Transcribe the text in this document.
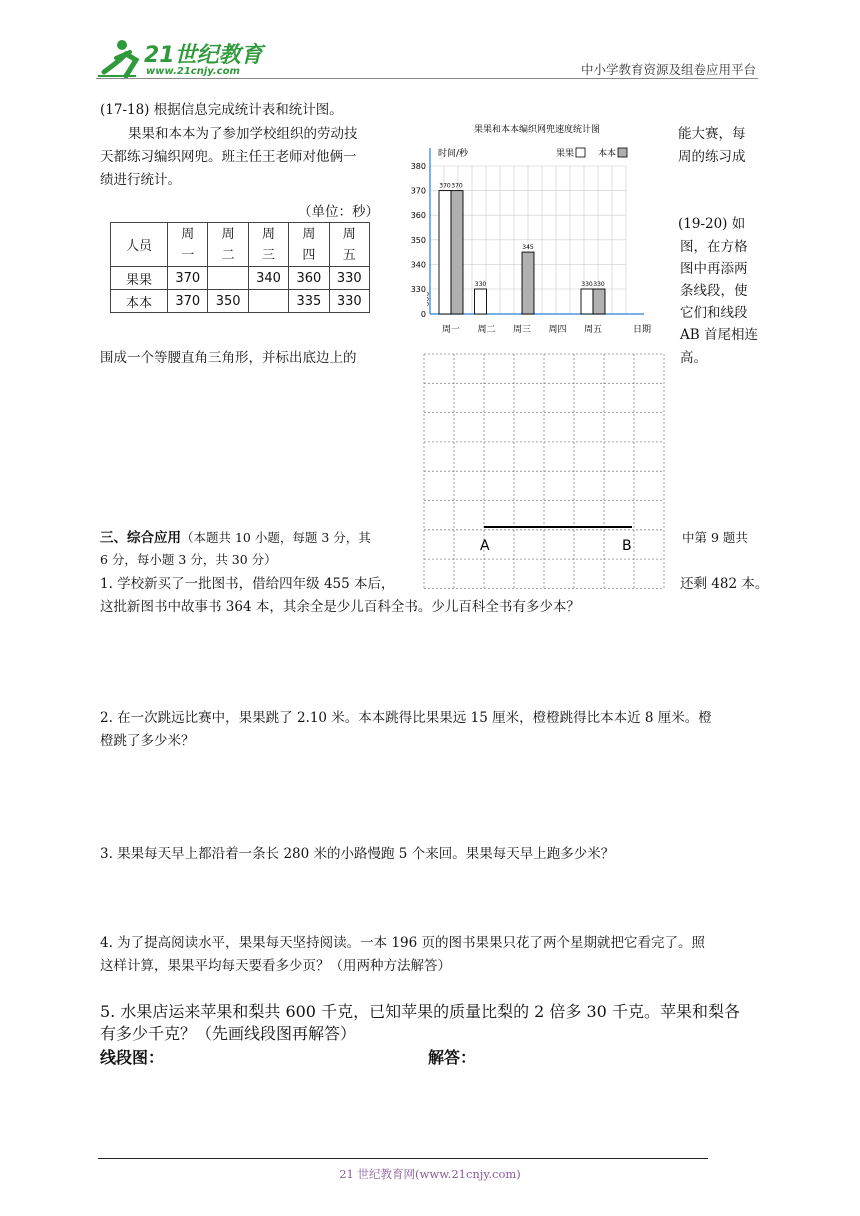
21世纪教育
www.21cnjy.com	中小学教育资源及组卷应用平台
(17-18) 根据信息完成统计表和统计图。
果果和本本为了参加学校组织的劳动技
天都练习编织网兜。班主任王老师对他俩一
绩进行统计。
能大赛，每
周的练习成
（单位：秒）
人员	周一	周二	周三	周四	周五
果果	370		340	360	330
本本	370	350		335	330
0
330
340
350
360
370
380
果果和本本编织网兜速度统计图
时间/秒
日期
果果	本本
周一
370 370
周二
330
周三
345
周四 周五
330 330
(19-20) 如
图，在方格
图中再添两
条线段，使
它们和线段
AB 首尾相连
高。
围成一个等腰直角三角形，并标出底边上的
A	B
三、综合应用（本题共 10 小题，每题 3 分，其	中第 9 题共
6 分，每小题 3 分，共 30 分）
1. 学校新买了一批图书，借给四年级 455 本后，	还剩 482 本。
这批新图书中故事书 364 本，其余全是少儿百科全书。少儿百科全书有多少本？
2. 在一次跳远比赛中，果果跳了 2.10 米。本本跳得比果果远 15 厘米，橙橙跳得比本本近 8 厘米。橙
橙跳了多少米？
3. 果果每天早上都沿着一条长 280 米的小路慢跑 5 个来回。果果每天早上跑多少米？
4. 为了提高阅读水平，果果每天坚持阅读。一本 196 页的图书果果只花了两个星期就把它看完了。照
这样计算，果果平均每天要看多少页？（用两种方法解答）
5. 水果店运来苹果和梨共 600 千克，已知苹果的质量比梨的 2 倍多 30 千克。苹果和梨各
有多少千克？（先画线段图再解答）
线段图：	解答：
21 世纪教育网(www.21cnjy.com)
